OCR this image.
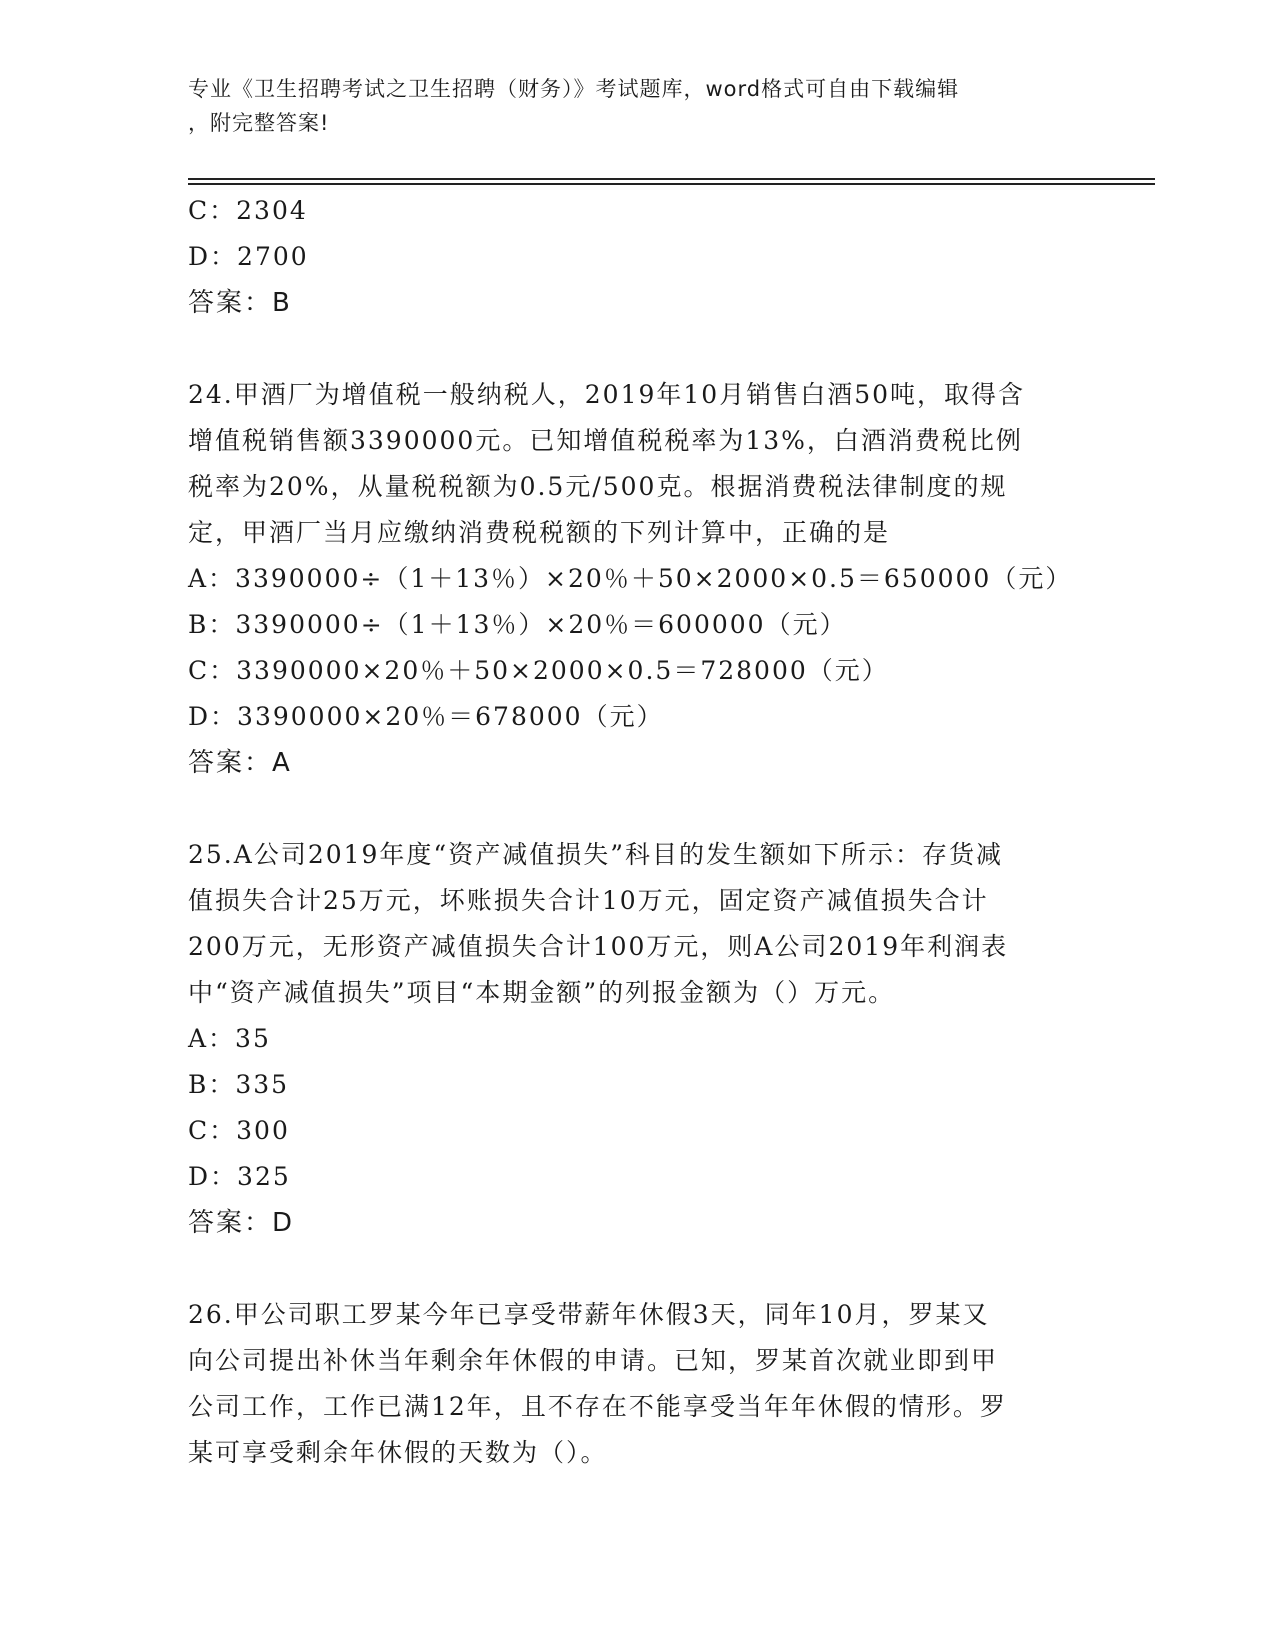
专业《卫生招聘考试之卫生招聘（财务）》考试题库，word格式可自由下载编辑
，附完整答案!
C：2304
D：2700
答案：B
24.甲酒厂为增值税一般纳税人，2019年10月销售白酒50吨，取得含
增值税销售额3390000元。已知增值税税率为13%，白酒消费税比例
税率为20%，从量税税额为0.5元/500克。根据消费税法律制度的规
定，甲酒厂当月应缴纳消费税税额的下列计算中，正确的是
A：3390000÷（1＋13％）×20％＋50×2000×0.5＝650000（元）
B：3390000÷（1＋13％）×20％＝600000（元）
C：3390000×20％＋50×2000×0.5＝728000（元）
D：3390000×20％＝678000（元）
答案：A
25.A公司2019年度“资产减值损失”科目的发生额如下所示：存货减
值损失合计25万元，坏账损失合计10万元，固定资产减值损失合计
200万元，无形资产减值损失合计100万元，则A公司2019年利润表
中“资产减值损失”项目“本期金额”的列报金额为（）万元。
A：35
B：335
C：300
D：325
答案：D
26.甲公司职工罗某今年已享受带薪年休假3天，同年10月，罗某又
向公司提出补休当年剩余年休假的申请。已知，罗某首次就业即到甲
公司工作，工作已满12年，且不存在不能享受当年年休假的情形。罗
某可享受剩余年休假的天数为（）。
